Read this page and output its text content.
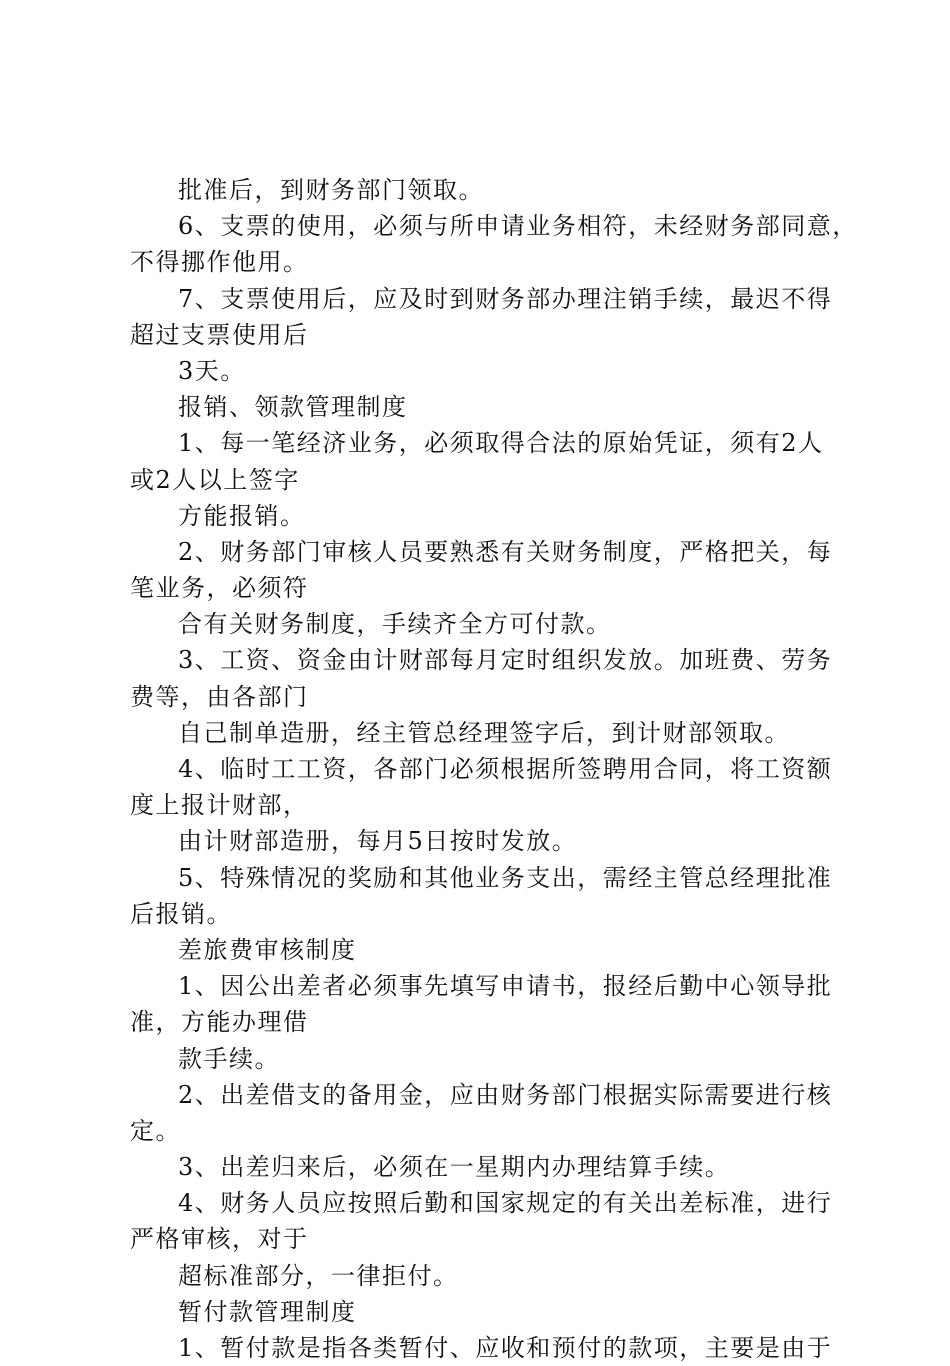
批准后，到财务部门领取。
6、支票的使用，必须与所申请业务相符，未经财务部同意，
不得挪作他用。
7、支票使用后，应及时到财务部办理注销手续，最迟不得
超过支票使用后
3天。
报销、领款管理制度
1、每一笔经济业务，必须取得合法的原始凭证，须有2人
或2人以上签字
方能报销。
2、财务部门审核人员要熟悉有关财务制度，严格把关，每
笔业务，必须符
合有关财务制度，手续齐全方可付款。
3、工资、资金由计财部每月定时组织发放。加班费、劳务
费等，由各部门
自己制单造册，经主管总经理签字后，到计财部领取。
4、临时工工资，各部门必须根据所签聘用合同，将工资额
度上报计财部，
由计财部造册，每月5日按时发放。
5、特殊情况的奖励和其他业务支出，需经主管总经理批准
后报销。
差旅费审核制度
1、因公出差者必须事先填写申请书，报经后勤中心领导批
准，方能办理借
款手续。
2、出差借支的备用金，应由财务部门根据实际需要进行核
定。
3、出差归来后，必须在一星期内办理结算手续。
4、财务人员应按照后勤和国家规定的有关出差标准，进行
严格审核，对于
超标准部分，一律拒付。
暂付款管理制度
1、暂付款是指各类暂付、应收和预付的款项，主要是由于
